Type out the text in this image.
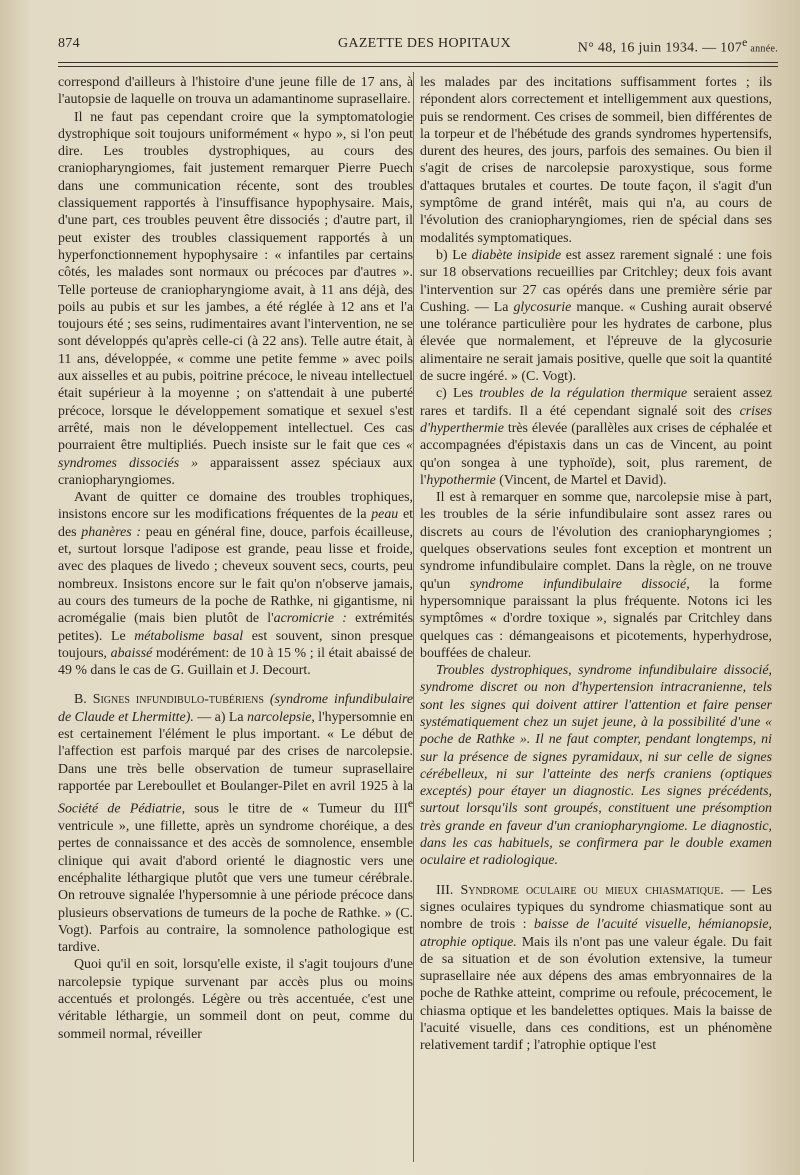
874	GAZETTE DES HOPITAUX	N° 48, 16 juin 1934. — 107e année.

correspond d'ailleurs à l'histoire d'une jeune fille de 17 ans, à l'autopsie de laquelle on trouva un adamantinome suprasellaire.

Il ne faut pas cependant croire que la symptomatologie dystrophique soit toujours uniformément « hypo », si l'on peut dire. Les troubles dystrophiques, au cours des craniopharyngiomes, fait justement remarquer Pierre Puech dans une communication récente, sont des troubles classiquement rapportés à l'insuffisance hypophysaire. Mais, d'une part, ces troubles peuvent être dissociés ; d'autre part, il peut exister des troubles classiquement rapportés à un hyperfonctionnement hypophysaire : « infantiles par certains côtés, les malades sont normaux ou précoces par d'autres ». Telle porteuse de craniopharyngiome avait, à 11 ans déjà, des poils au pubis et sur les jambes, a été réglée à 12 ans et l'a toujours été ; ses seins, rudimentaires avant l'intervention, ne se sont développés qu'après celle-ci (à 22 ans). Telle autre était, à 11 ans, développée, « comme une petite femme » avec poils aux aisselles et au pubis, poitrine précoce, le niveau intellectuel était supérieur à la moyenne ; on s'attendait à une puberté précoce, lorsque le développement somatique et sexuel s'est arrêté, mais non le développement intellectuel. Ces cas pourraient être multipliés. Puech insiste sur le fait que ces « syndromes dissociés » apparaissent assez spéciaux aux craniopharyngiomes.

Avant de quitter ce domaine des troubles trophiques, insistons encore sur les modifications fréquentes de la peau et des phanères : peau en général fine, douce, parfois écailleuse, et, surtout lorsque l'adipose est grande, peau lisse et froide, avec des plaques de livedo ; cheveux souvent secs, courts, peu nombreux. Insistons encore sur le fait qu'on n'observe jamais, au cours des tumeurs de la poche de Rathke, ni gigantisme, ni acromégalie (mais bien plutôt de l'acromicrie : extrémités petites). Le métabolisme basal est souvent, sinon presque toujours, abaissé modérément: de 10 à 15 % ; il était abaissé de 49 % dans le cas de G. Guillain et J. Decourt.

B. Signes infundibulo-tubériens (syndrome infundibulaire de Claude et Lhermitte). — a) La narcolepsie, l'hypersomnie en est certainement l'élément le plus important. « Le début de l'affection est parfois marqué par des crises de narcolepsie. Dans une très belle observation de tumeur suprasellaire rapportée par Lereboullet et Boulanger-Pilet en avril 1925 à la Société de Pédiatrie, sous le titre de « Tumeur du IIIe ventricule », une fillette, après un syndrome choréique, a des pertes de connaissance et des accès de somnolence, ensemble clinique qui avait d'abord orienté le diagnostic vers une encéphalite léthargique plutôt que vers une tumeur cérébrale. On retrouve signalée l'hypersomnie à une période précoce dans plusieurs observations de tumeurs de la poche de Rathke. » (C. Vogt). Parfois au contraire, la somnolence pathologique est tardive.

Quoi qu'il en soit, lorsqu'elle existe, il s'agit toujours d'une narcolepsie typique survenant par accès plus ou moins accentués et prolongés. Légère ou très accentuée, c'est une véritable léthargie, un sommeil dont on peut, comme du sommeil normal, réveiller

les malades par des incitations suffisamment fortes ; ils répondent alors correctement et intelligemment aux questions, puis se rendorment. Ces crises de sommeil, bien différentes de la torpeur et de l'hébétude des grands syndromes hypertensifs, durent des heures, des jours, parfois des semaines. Ou bien il s'agit de crises de narcolepsie paroxystique, sous forme d'attaques brutales et courtes. De toute façon, il s'agit d'un symptôme de grand intérêt, mais qui n'a, au cours de l'évolution des craniopharyngiomes, rien de spécial dans ses modalités symptomatiques.

b) Le diabète insipide est assez rarement signalé : une fois sur 18 observations recueillies par Critchley; deux fois avant l'intervention sur 27 cas opérés dans une première série par Cushing. — La glycosurie manque. « Cushing aurait observé une tolérance particulière pour les hydrates de carbone, plus élevée que normalement, et l'épreuve de la glycosurie alimentaire ne serait jamais positive, quelle que soit la quantité de sucre ingéré. » (C. Vogt).

c) Les troubles de la régulation thermique seraient assez rares et tardifs. Il a été cependant signalé soit des crises d'hyperthermie très élevée (parallèles aux crises de céphalée et accompagnées d'épistaxis dans un cas de Vincent, au point qu'on songea à une typhoïde), soit, plus rarement, de l'hypothermie (Vincent, de Martel et David).

Il est à remarquer en somme que, narcolepsie mise à part, les troubles de la série infundibulaire sont assez rares ou discrets au cours de l'évolution des craniopharyngiomes ; quelques observations seules font exception et montrent un syndrome infundibulaire complet. Dans la règle, on ne trouve qu'un syndrome infundibulaire dissocié, la forme hypersomnique paraissant la plus fréquente. Notons ici les symptômes « d'ordre toxique », signalés par Critchley dans quelques cas : démangeaisons et picotements, hyperhydrose, bouffées de chaleur.

Troubles dystrophiques, syndrome infundibulaire dissocié, syndrome discret ou non d'hypertension intracranienne, tels sont les signes qui doivent attirer l'attention et faire penser systématiquement chez un sujet jeune, à la possibilité d'une « poche de Rathke ». Il ne faut compter, pendant longtemps, ni sur la présence de signes pyramidaux, ni sur celle de signes cérébelleux, ni sur l'atteinte des nerfs craniens (optiques exceptés) pour étayer un diagnostic. Les signes précédents, surtout lorsqu'ils sont groupés, constituent une présomption très grande en faveur d'un craniopharyngiome. Le diagnostic, dans les cas habituels, se confirmera par le double examen oculaire et radiologique.

III. Syndrome oculaire ou mieux chiasmatique. — Les signes oculaires typiques du syndrome chiasmatique sont au nombre de trois : baisse de l'acuité visuelle, hémianopsie, atrophie optique. Mais ils n'ont pas une valeur égale. Du fait de sa situation et de son évolution extensive, la tumeur suprasellaire née aux dépens des amas embryonnaires de la poche de Rathke atteint, comprime ou refoule, précocement, le chiasma optique et les bandelettes optiques. Mais la baisse de l'acuité visuelle, dans ces conditions, est un phénomène relativement tardif ; l'atrophie optique l'est
